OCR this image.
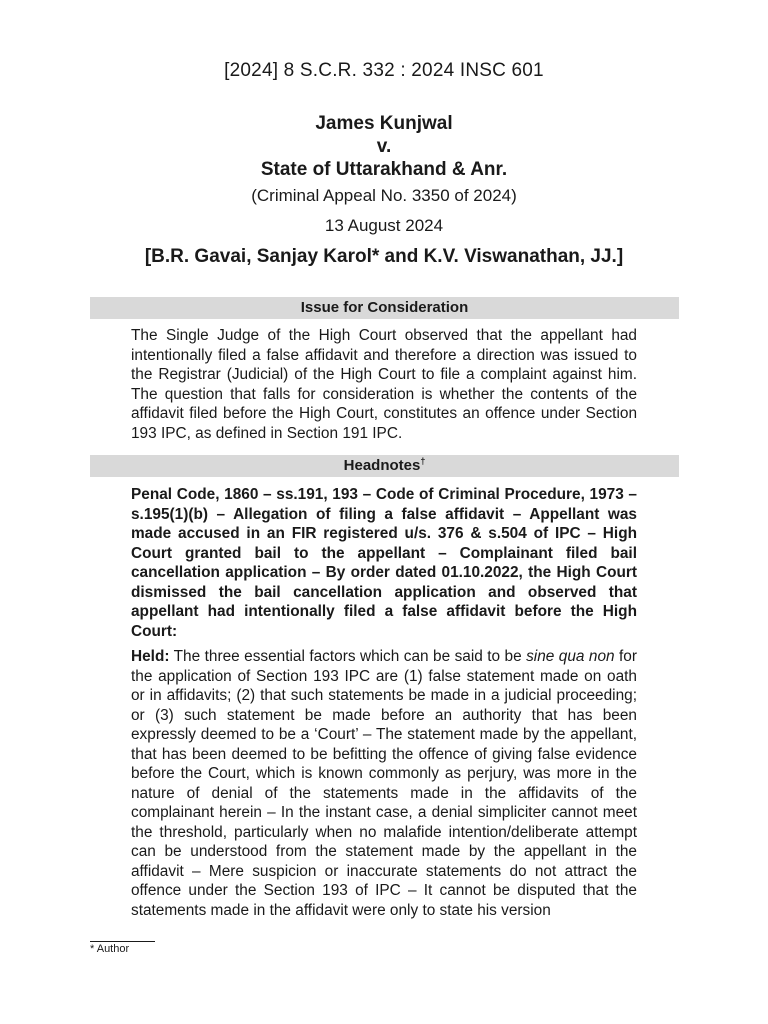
[2024] 8 S.C.R. 332 : 2024 INSC 601
James Kunjwal
v.
State of Uttarakhand & Anr.
(Criminal Appeal No. 3350 of 2024)
13 August 2024
[B.R. Gavai, Sanjay Karol* and K.V. Viswanathan, JJ.]
Issue for Consideration
The Single Judge of the High Court observed that the appellant had intentionally filed a false affidavit and therefore a direction was issued to the Registrar (Judicial) of the High Court to file a complaint against him. The question that falls for consideration is whether the contents of the affidavit filed before the High Court, constitutes an offence under Section 193 IPC, as defined in Section 191 IPC.
Headnotes†
Penal Code, 1860 – ss.191, 193 – Code of Criminal Procedure, 1973 – s.195(1)(b) – Allegation of filing a false affidavit – Appellant was made accused in an FIR registered u/s. 376 & s.504 of IPC – High Court granted bail to the appellant – Complainant filed bail cancellation application – By order dated 01.10.2022, the High Court dismissed the bail cancellation application and observed that appellant had intentionally filed a false affidavit before the High Court:
Held: The three essential factors which can be said to be sine qua non for the application of Section 193 IPC are (1) false statement made on oath or in affidavits; (2) that such statements be made in a judicial proceeding; or (3) such statement be made before an authority that has been expressly deemed to be a ‘Court’ – The statement made by the appellant, that has been deemed to be befitting the offence of giving false evidence before the Court, which is known commonly as perjury, was more in the nature of denial of the statements made in the affidavits of the complainant herein – In the instant case, a denial simpliciter cannot meet the threshold, particularly when no malafide intention/deliberate attempt can be understood from the statement made by the appellant in the affidavit – Mere suspicion or inaccurate statements do not attract the offence under the Section 193 of IPC – It cannot be disputed that the statements made in the affidavit were only to state his version
* Author
